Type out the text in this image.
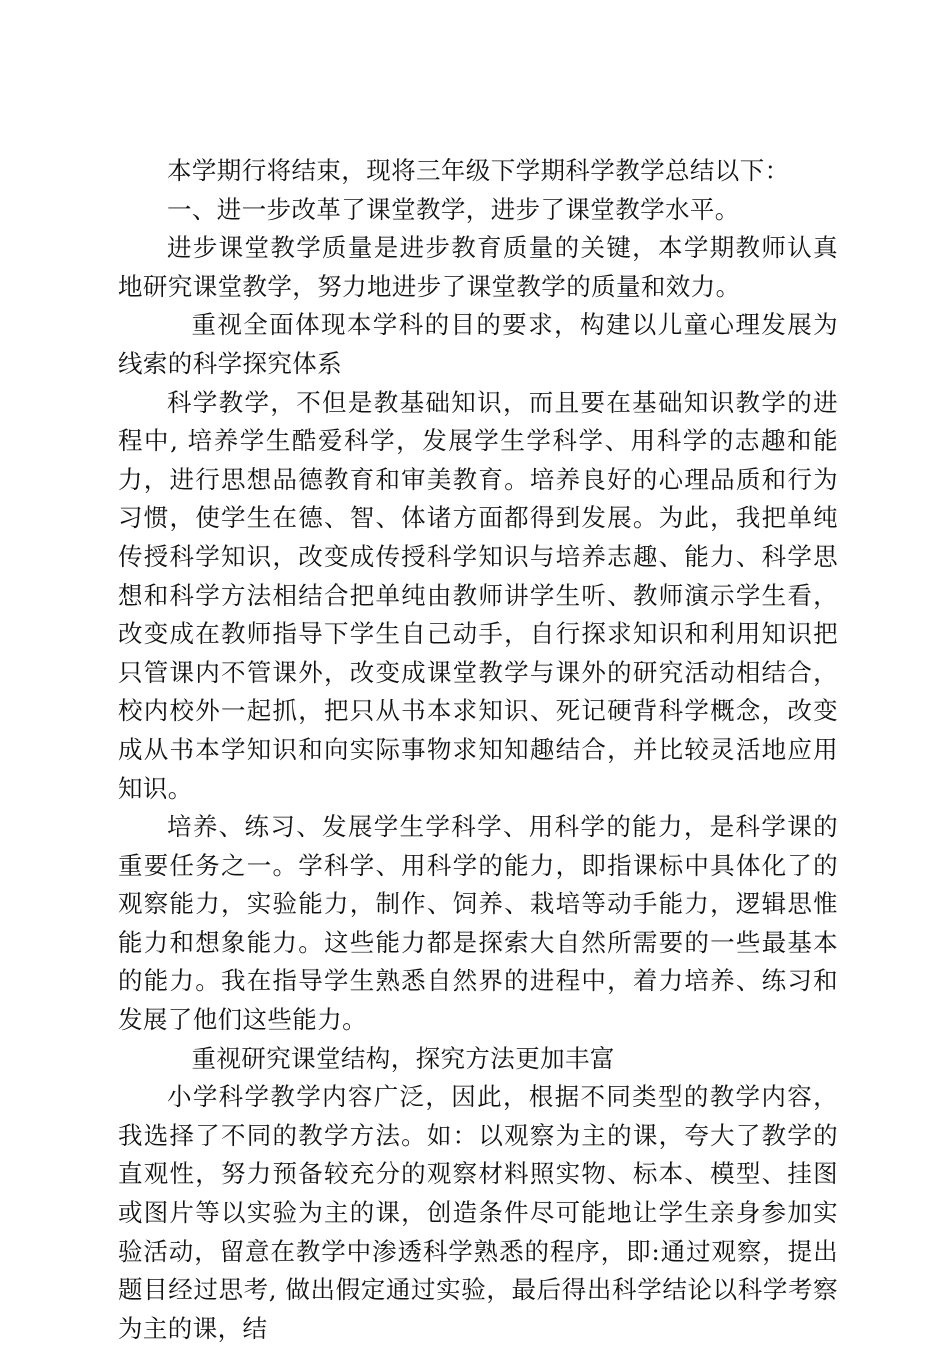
本学期行将结束，现将三年级下学期科学教学总结以下：

一、进一步改革了课堂教学，进步了课堂教学水平。

进步课堂教学质量是进步教育质量的关键，本学期教师认真地研究课堂教学，努力地进步了课堂教学的质量和效力。

重视全面体现本学科的目的要求，构建以儿童心理发展为线索的科学探究体系

科学教学，不但是教基础知识，而且要在基础知识教学的进程中, 培养学生酷爱科学，发展学生学科学、用科学的志趣和能力，进行思想品德教育和审美教育。培养良好的心理品质和行为习惯，使学生在德、智、体诸方面都得到发展。为此，我把单纯传授科学知识，改变成传授科学知识与培养志趣、能力、科学思想和科学方法相结合把单纯由教师讲学生听、教师演示学生看，改变成在教师指导下学生自己动手，自行探求知识和利用知识把只管课内不管课外，改变成课堂教学与课外的研究活动相结合，校内校外一起抓，把只从书本求知识、死记硬背科学概念，改变成从书本学知识和向实际事物求知知趣结合，并比较灵活地应用知识。

培养、练习、发展学生学科学、用科学的能力，是科学课的重要任务之一。学科学、用科学的能力，即指课标中具体化了的观察能力，实验能力，制作、饲养、栽培等动手能力，逻辑思惟能力和想象能力。这些能力都是探索大自然所需要的一些最基本的能力。我在指导学生熟悉自然界的进程中，着力培养、练习和发展了他们这些能力。

重视研究课堂结构，探究方法更加丰富

小学科学教学内容广泛，因此，根据不同类型的教学内容，我选择了不同的教学方法。如：以观察为主的课，夸大了教学的直观性，努力预备较充分的观察材料照实物、标本、模型、挂图或图片等以实验为主的课，创造条件尽可能地让学生亲身参加实验活动，留意在教学中渗透科学熟悉的程序，即:通过观察，提出题目经过思考, 做出假定通过实验，最后得出科学结论以科学考察为主的课，结
